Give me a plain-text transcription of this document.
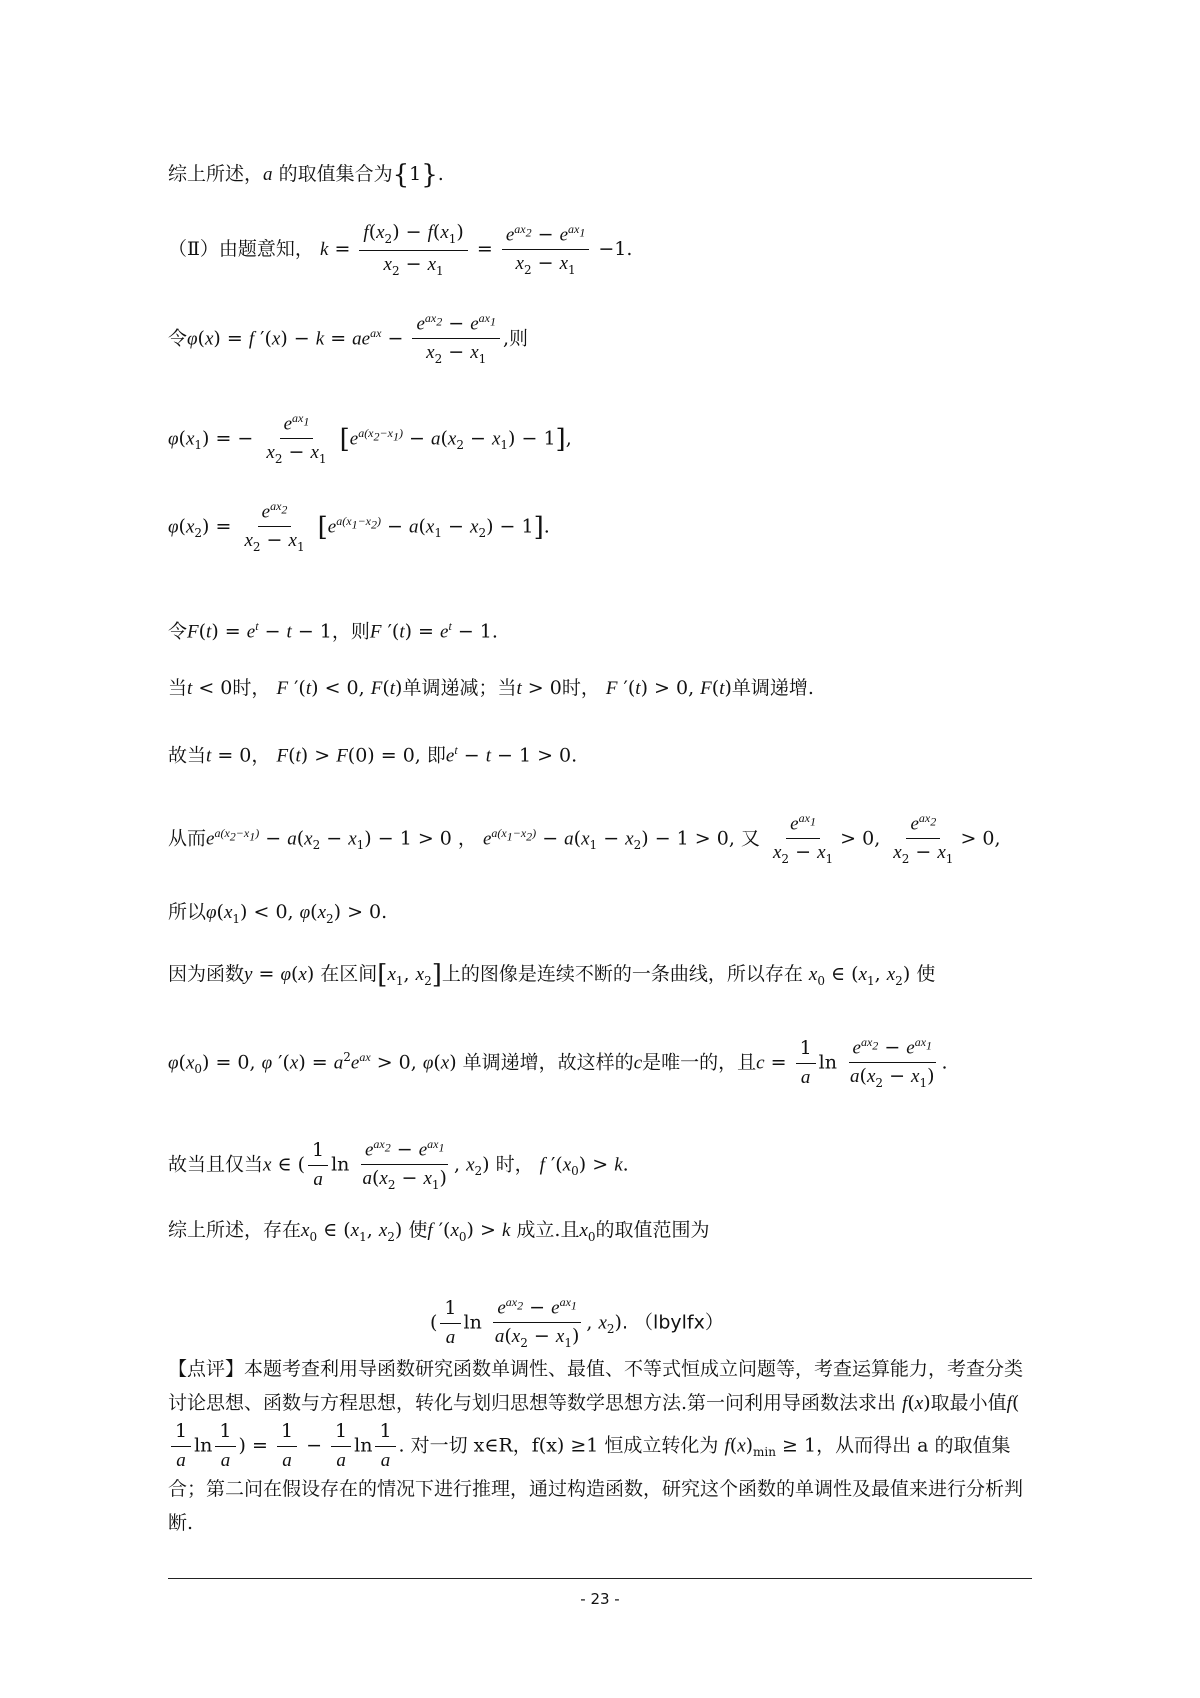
综上所述，a 的取值集合为{1}.
（Ⅱ）由题意知， $k = \frac{f(x_2) - f(x_1)}{x_2 - x_1} = \frac{e^{ax_2} - e^{ax_1}}{x_2 - x_1} -1$.
令φ(x) = f $'(x) - k = ae^{ax} - \frac{e^{ax_2} - e^{ax_1}}{x_2 - x_1}$ ,则
$\varphi(x_1)$ = − $\frac{e^{ax_1}}{x_2 - x_1} [e^{a(x_2-x_1)} - a(x_2 - x_1) - 1]$,
$\varphi(x_2) = \frac{e^{ax_2}}{x_2 - x_1} [e^{a(x_1-x_2)} - a(x_1 - x_2) - 1]$.
令$F(t) = e^t - t - 1$，则F $'(t) = e^t - 1$.
当t < 0时， F ′(t) < 0, F(t)单调递减；当t > 0时， F ′(t) > 0, F(t)单调递增.
故当t = 0， F(t) > F(0) = 0, 即$e^t - t - 1 > 0$.
从而$e^{a(x_2-x_1)} - a(x_2 - x_1) - 1 > 0$ ， $e^{a(x_1-x_2)} - a(x_1 - x_2) - 1 > 0$, 又 $\frac{e^{ax_1}}{x_2 - x_1} > 0$, $\frac{e^{ax_2}}{x_2 - x_1} > 0$,
所以$\varphi(x_1) < 0$, $\varphi(x_2) > 0$.
因为函数y = φ(x) 在区间[$x_1$, $x_2$]上的图像是连续不断的一条曲线，所以存在 $x_0$ ∈ ($x_1$, $x_2$) 使
$\varphi(x_0) = 0$, φ $'(x) = a^2e^{ax} > 0$, φ(x) 单调递增，故这样的c是唯一的，且$c = \frac{1}{a}$ $\ln \frac{e^{ax_2} - e^{ax_1}}{a(x_2 - x_1)}$ .
故当且仅当x ∈ ( $\frac{1}{a}$ $\ln \frac{e^{ax_2} - e^{ax_1}}{a(x_2 - x_1)}$ , $x_2$) 时， f $'(x_0) > k$.
综上所述，存在$x_0$ ∈ ($x_1$, $x_2$) 使f $'(x_0) > k$ 成立.且$x_0$的取值范围为
( $\frac{1}{a}$ $\ln \frac{e^{ax_2} - e^{ax_1}}{a(x_2 - x_1)}$ , $x_2$). （lbylfx）
【点评】本题考查利用导函数研究函数单调性、最值、不等式恒成立问题等，考查运算能力，考查分类讨论思想、函数与方程思想，转化与划归思想等数学思想方法.第一问利用导函数法求出 f(x)取最小值f(
$\frac{1}{a}$ $\ln \frac{1}{a}$ ) = $\frac{1}{a} - \frac{1}{a}$ $\ln \frac{1}{a}$ . 对一切 x∈R，f(x) ≥1 恒成立转化为 $f(x)_{min} \ge 1$，从而得出 a 的取值集合；第二问在假设存在的情况下进行推理，通过构造函数，研究这个函数的单调性及最值来进行分析判断.
- 23 -
